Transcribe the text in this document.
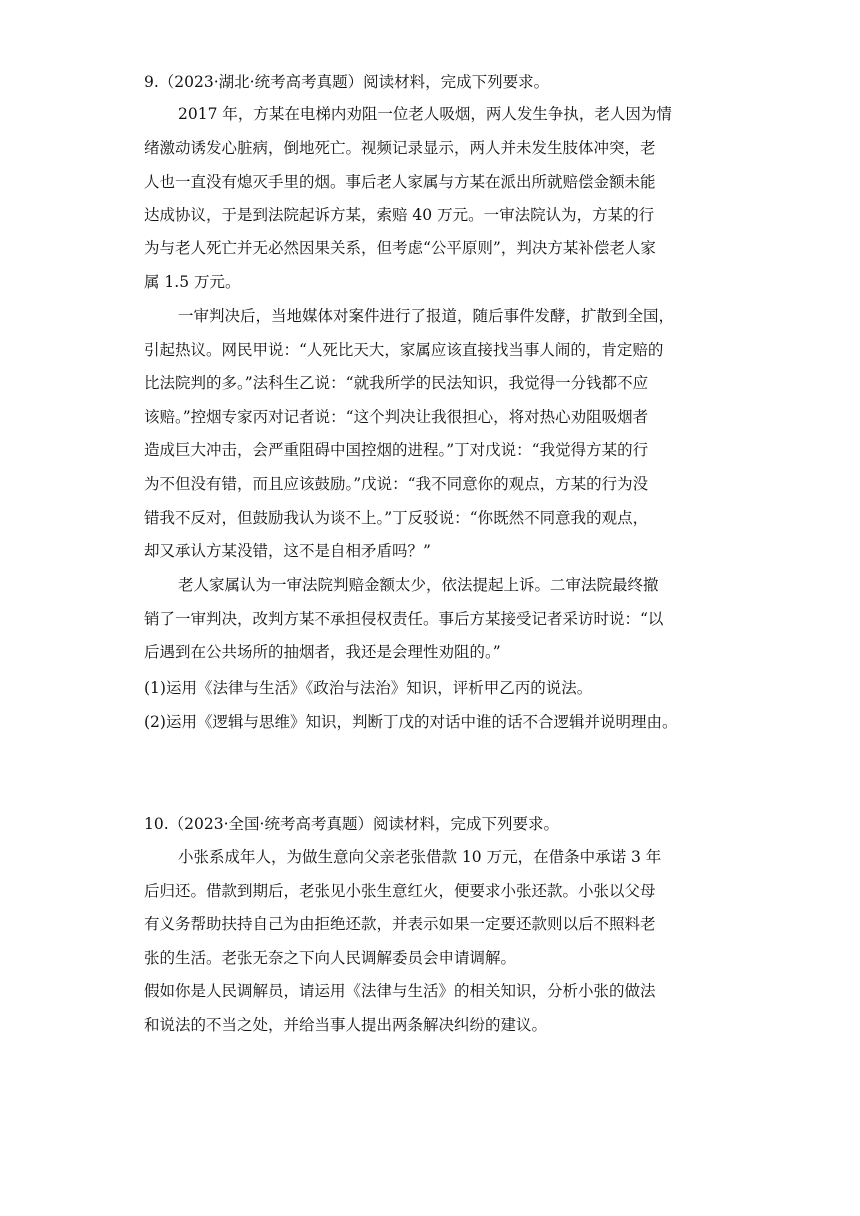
9.（2023·湖北·统考高考真题）阅读材料，完成下列要求。
2017 年，方某在电梯内劝阻一位老人吸烟，两人发生争执，老人因为情
绪激动诱发心脏病，倒地死亡。视频记录显示，两人并未发生肢体冲突，老
人也一直没有熄灭手里的烟。事后老人家属与方某在派出所就赔偿金额未能
达成协议，于是到法院起诉方某，索赔 40 万元。一审法院认为，方某的行
为与老人死亡并无必然因果关系，但考虑“公平原则”，判决方某补偿老人家
属 1.5 万元。
一审判决后，当地媒体对案件进行了报道，随后事件发酵，扩散到全国，
引起热议。网民甲说：“人死比天大，家属应该直接找当事人闹的，肯定赔的
比法院判的多。”法科生乙说：“就我所学的民法知识，我觉得一分钱都不应
该赔。”控烟专家丙对记者说：“这个判决让我很担心，将对热心劝阻吸烟者
造成巨大冲击，会严重阻碍中国控烟的进程。”丁对戊说：“我觉得方某的行
为不但没有错，而且应该鼓励。”戊说：“我不同意你的观点，方某的行为没
错我不反对，但鼓励我认为谈不上。”丁反驳说：“你既然不同意我的观点，
却又承认方某没错，这不是自相矛盾吗？”
老人家属认为一审法院判赔金额太少，依法提起上诉。二审法院最终撤
销了一审判决，改判方某不承担侵权责任。事后方某接受记者采访时说：“以
后遇到在公共场所的抽烟者，我还是会理性劝阻的。”
(1)运用《法律与生活》《政治与法治》知识，评析甲乙丙的说法。
(2)运用《逻辑与思维》知识，判断丁戊的对话中谁的话不合逻辑并说明理由。
10.（2023·全国·统考高考真题）阅读材料，完成下列要求。
小张系成年人，为做生意向父亲老张借款 10 万元，在借条中承诺 3 年
后归还。借款到期后，老张见小张生意红火，便要求小张还款。小张以父母
有义务帮助扶持自己为由拒绝还款，并表示如果一定要还款则以后不照料老
张的生活。老张无奈之下向人民调解委员会申请调解。
假如你是人民调解员，请运用《法律与生活》的相关知识，分析小张的做法
和说法的不当之处，并给当事人提出两条解决纠纷的建议。
